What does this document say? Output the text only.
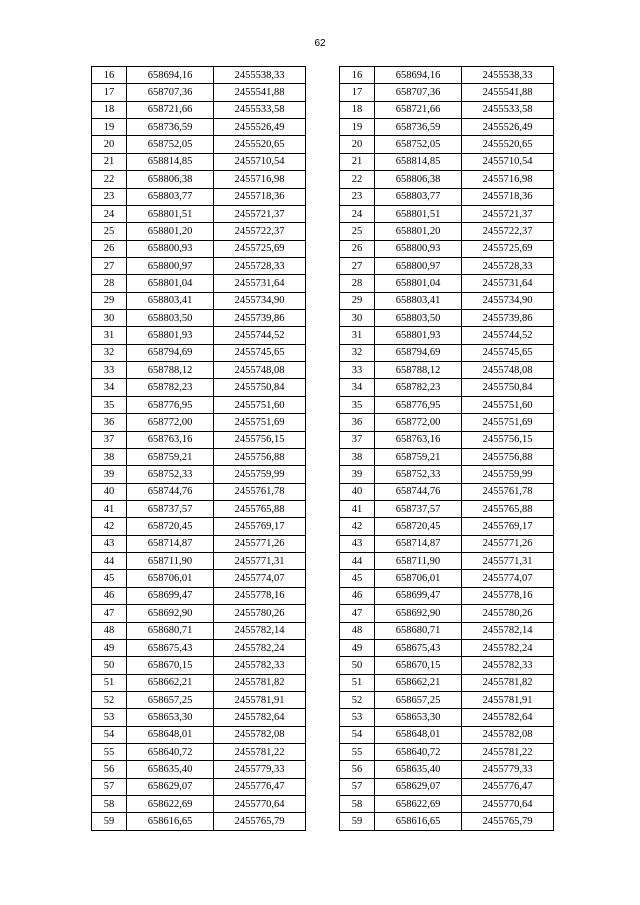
62
16	658694,16	2455538,33
17	658707,36	2455541,88
18	658721,66	2455533,58
19	658736,59	2455526,49
20	658752,05	2455520,65
21	658814,85	2455710,54
22	658806,38	2455716,98
23	658803,77	2455718,36
24	658801,51	2455721,37
25	658801,20	2455722,37
26	658800,93	2455725,69
27	658800,97	2455728,33
28	658801,04	2455731,64
29	658803,41	2455734,90
30	658803,50	2455739,86
31	658801,93	2455744,52
32	658794,69	2455745,65
33	658788,12	2455748,08
34	658782,23	2455750,84
35	658776,95	2455751,60
36	658772,00	2455751,69
37	658763,16	2455756,15
38	658759,21	2455756,88
39	658752,33	2455759,99
40	658744,76	2455761,78
41	658737,57	2455765,88
42	658720,45	2455769,17
43	658714,87	2455771,26
44	658711,90	2455771,31
45	658706,01	2455774,07
46	658699,47	2455778,16
47	658692,90	2455780,26
48	658680,71	2455782,14
49	658675,43	2455782,24
50	658670,15	2455782,33
51	658662,21	2455781,82
52	658657,25	2455781,91
53	658653,30	2455782,64
54	658648,01	2455782,08
55	658640,72	2455781,22
56	658635,40	2455779,33
57	658629,07	2455776,47
58	658622,69	2455770,64
59	658616,65	2455765,79
16	658694,16	2455538,33
17	658707,36	2455541,88
18	658721,66	2455533,58
19	658736,59	2455526,49
20	658752,05	2455520,65
21	658814,85	2455710,54
22	658806,38	2455716,98
23	658803,77	2455718,36
24	658801,51	2455721,37
25	658801,20	2455722,37
26	658800,93	2455725,69
27	658800,97	2455728,33
28	658801,04	2455731,64
29	658803,41	2455734,90
30	658803,50	2455739,86
31	658801,93	2455744,52
32	658794,69	2455745,65
33	658788,12	2455748,08
34	658782,23	2455750,84
35	658776,95	2455751,60
36	658772,00	2455751,69
37	658763,16	2455756,15
38	658759,21	2455756,88
39	658752,33	2455759,99
40	658744,76	2455761,78
41	658737,57	2455765,88
42	658720,45	2455769,17
43	658714,87	2455771,26
44	658711,90	2455771,31
45	658706,01	2455774,07
46	658699,47	2455778,16
47	658692,90	2455780,26
48	658680,71	2455782,14
49	658675,43	2455782,24
50	658670,15	2455782,33
51	658662,21	2455781,82
52	658657,25	2455781,91
53	658653,30	2455782,64
54	658648,01	2455782,08
55	658640,72	2455781,22
56	658635,40	2455779,33
57	658629,07	2455776,47
58	658622,69	2455770,64
59	658616,65	2455765,79
